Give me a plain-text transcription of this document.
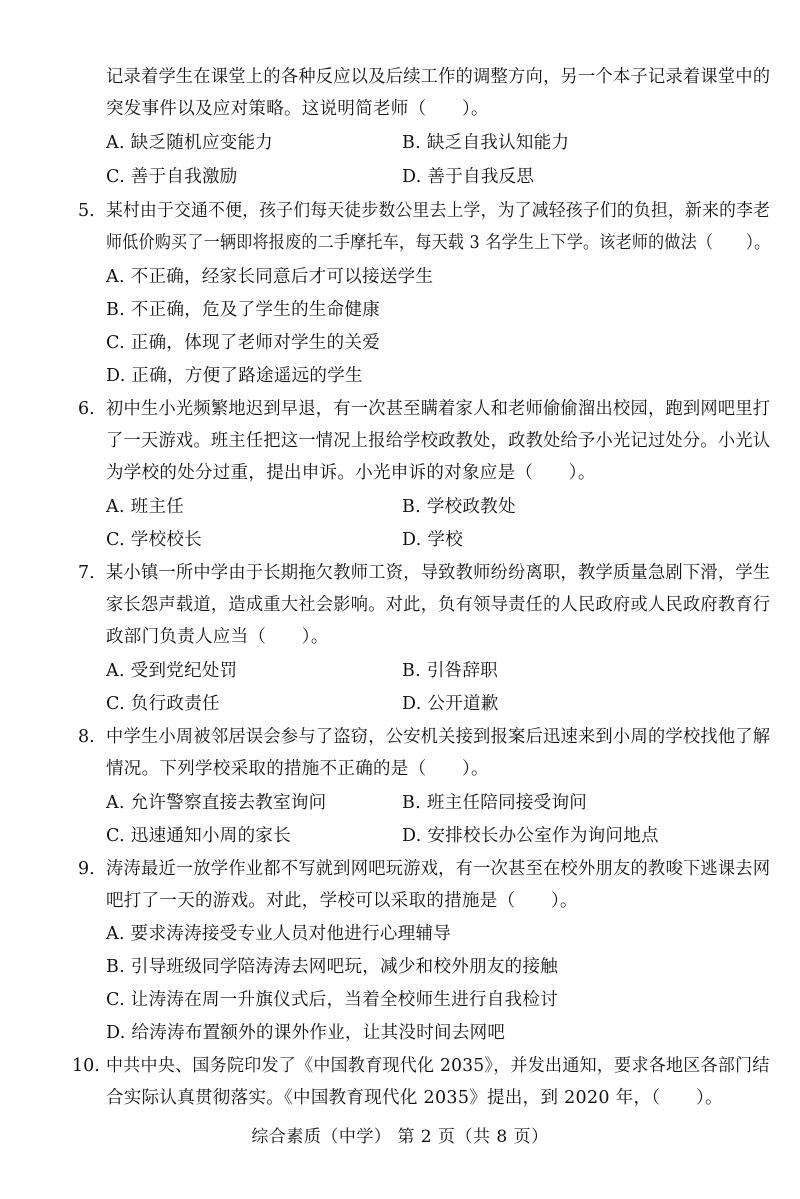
记录着学生在课堂上的各种反应以及后续工作的调整方向，另一个本子记录着课堂中的
突发事件以及应对策略。这说明简老师（　　）。
A. 缺乏随机应变能力	B. 缺乏自我认知能力
C. 善于自我激励	D. 善于自我反思
5. 某村由于交通不便，孩子们每天徒步数公里去上学，为了减轻孩子们的负担，新来的李老
师低价购买了一辆即将报废的二手摩托车，每天载 3 名学生上下学。该老师的做法（　　）。
A. 不正确，经家长同意后才可以接送学生
B. 不正确，危及了学生的生命健康
C. 正确，体现了老师对学生的关爱
D. 正确，方便了路途遥远的学生
6. 初中生小光频繁地迟到早退，有一次甚至瞒着家人和老师偷偷溜出校园，跑到网吧里打
了一天游戏。班主任把这一情况上报给学校政教处，政教处给予小光记过处分。小光认
为学校的处分过重，提出申诉。小光申诉的对象应是（　　）。
A. 班主任	B. 学校政教处
C. 学校校长	D. 学校
7. 某小镇一所中学由于长期拖欠教师工资，导致教师纷纷离职，教学质量急剧下滑，学生
家长怨声载道，造成重大社会影响。对此，负有领导责任的人民政府或人民政府教育行
政部门负责人应当（　　）。
A. 受到党纪处罚	B. 引咎辞职
C. 负行政责任	D. 公开道歉
8. 中学生小周被邻居误会参与了盗窃，公安机关接到报案后迅速来到小周的学校找他了解
情况。下列学校采取的措施不正确的是（　　）。
A. 允许警察直接去教室询问	B. 班主任陪同接受询问
C. 迅速通知小周的家长	D. 安排校长办公室作为询问地点
9. 涛涛最近一放学作业都不写就到网吧玩游戏，有一次甚至在校外朋友的教唆下逃课去网
吧打了一天的游戏。对此，学校可以采取的措施是（　　）。
A. 要求涛涛接受专业人员对他进行心理辅导
B. 引导班级同学陪涛涛去网吧玩，减少和校外朋友的接触
C. 让涛涛在周一升旗仪式后，当着全校师生进行自我检讨
D. 给涛涛布置额外的课外作业，让其没时间去网吧
10. 中共中央、国务院印发了《中国教育现代化 2035》，并发出通知，要求各地区各部门结
合实际认真贯彻落实。《中国教育现代化 2035》提出，到 2020 年，（　　）。
综合素质（中学） 第 2 页（共 8 页）
